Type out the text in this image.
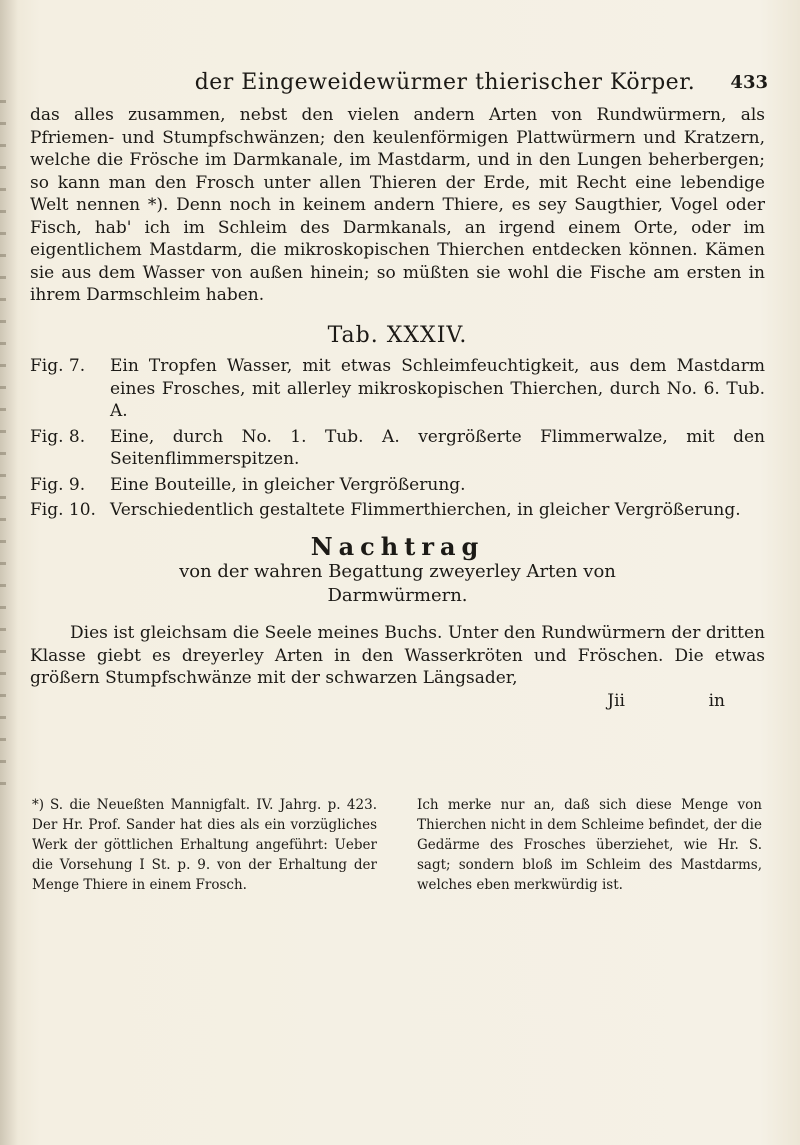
der Eingeweidewürmer thierischer Körper.	433

das alles zusammen, nebst den vielen andern Arten von Rundwürmern, als Pfriemen- und Stumpfschwänzen; den keulenförmigen Plattwürmern und Kratzern, welche die Frösche im Darmkanale, im Mastdarm, und in den Lungen beherbergen; so kann man den Frosch unter allen Thieren der Erde, mit Recht eine lebendige Welt nennen *). Denn noch in keinem andern Thiere, es sey Saugthier, Vogel oder Fisch, hab' ich im Schleim des Darmkanals, an irgend einem Orte, oder im eigentlichem Mastdarm, die mikroskopischen Thierchen entdecken können. Kämen sie aus dem Wasser von außen hinein; so müßten sie wohl die Fische am ersten in ihrem Darmschleim haben.

Tab. XXXIV.
Fig. 7.	Ein Tropfen Wasser, mit etwas Schleimfeuchtigkeit, aus dem Mastdarm eines Frosches, mit allerley mikroskopischen Thierchen, durch No. 6. Tub. A.
Fig. 8.	Eine, durch No. 1. Tub. A. vergrößerte Flimmerwalze, mit den Seitenflimmerspitzen.
Fig. 9.	Eine Bouteille, in gleicher Vergrößerung.
Fig. 10. Verschiedentlich gestaltete Flimmerthierchen, in gleicher Vergrößerung.
Nachtrag
von der wahren Begattung zweyerley Arten von
Darmwürmern.

Dies ist gleichsam die Seele meines Buchs. Unter den Rundwürmern der dritten Klasse giebt es dreyerley Arten in den Wasserkröten und Fröschen. Die etwas größern Stumpfschwänze mit der schwarzen Längsader,

Jii	in
*) S. die Neueßten Mannigfalt. IV. Jahrg. p. 423. Der Hr. Prof. Sander hat dies als ein vorzügliches Werk der göttlichen Erhaltung angeführt: Ueber die Vorsehung I St. p. 9. von der Erhaltung der Menge Thiere in einem Frosch.
Ich merke nur an, daß sich diese Menge von Thierchen nicht in dem Schleime befindet, der die Gedärme des Frosches überziehet, wie Hr. S. sagt; sondern bloß im Schleim des Mastdarms, welches eben merkwürdig ist.
